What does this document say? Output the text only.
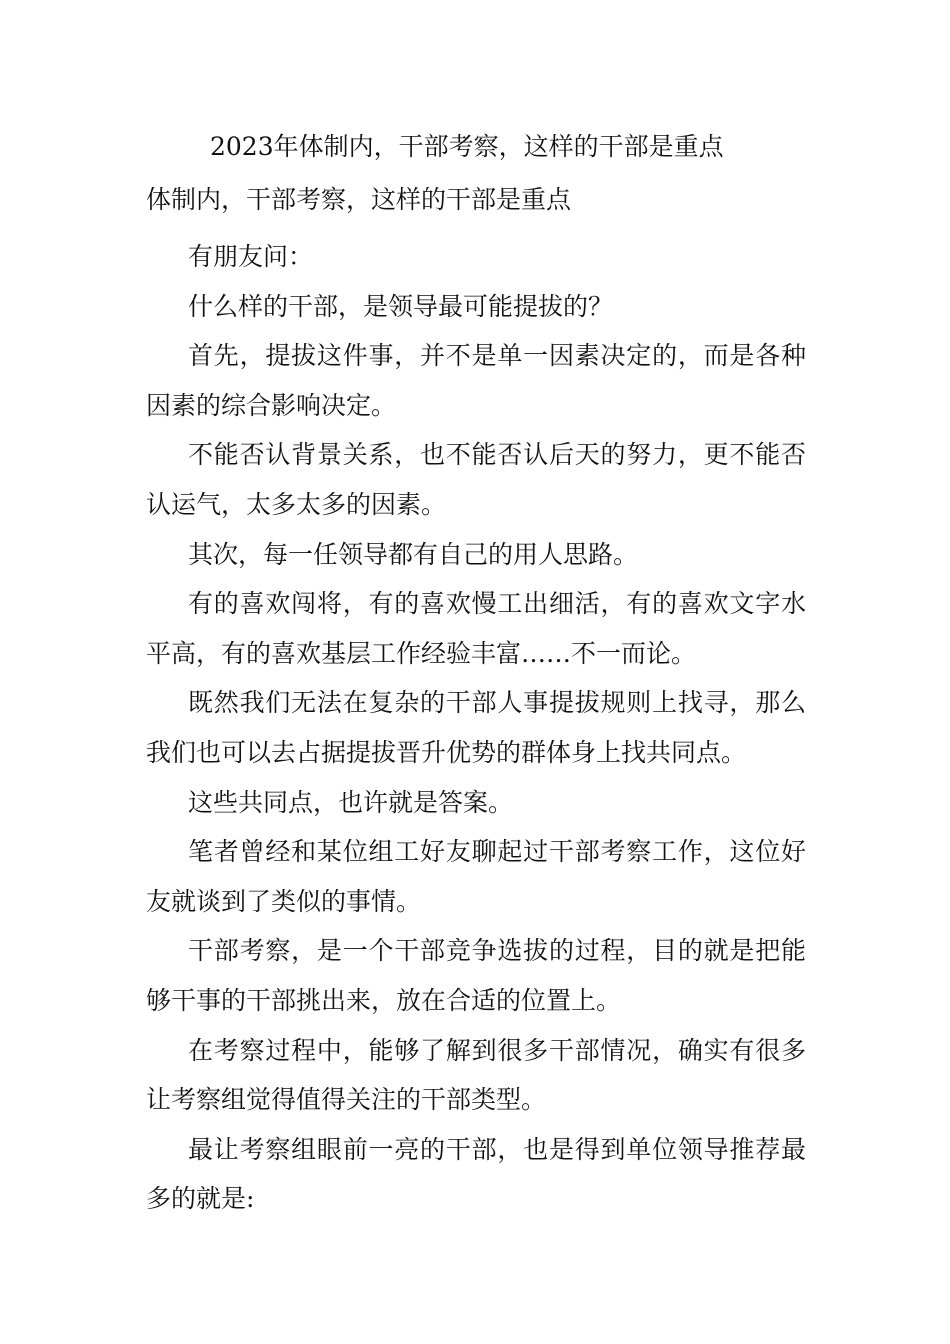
2023年体制内，干部考察，这样的干部是重点
体制内，干部考察，这样的干部是重点

有朋友问：

什么样的干部，是领导最可能提拔的？

首先，提拔这件事，并不是单一因素决定的，而是各种因素的综合影响决定。

不能否认背景关系，也不能否认后天的努力，更不能否认运气，太多太多的因素。

其次，每一任领导都有自己的用人思路。

有的喜欢闯将，有的喜欢慢工出细活，有的喜欢文字水平高，有的喜欢基层工作经验丰富……不一而论。

既然我们无法在复杂的干部人事提拔规则上找寻，那么我们也可以去占据提拔晋升优势的群体身上找共同点。

这些共同点，也许就是答案。

笔者曾经和某位组工好友聊起过干部考察工作，这位好友就谈到了类似的事情。

干部考察，是一个干部竞争选拔的过程，目的就是把能够干事的干部挑出来，放在合适的位置上。

在考察过程中，能够了解到很多干部情况，确实有很多让考察组觉得值得关注的干部类型。

最让考察组眼前一亮的干部，也是得到单位领导推荐最多的就是:
